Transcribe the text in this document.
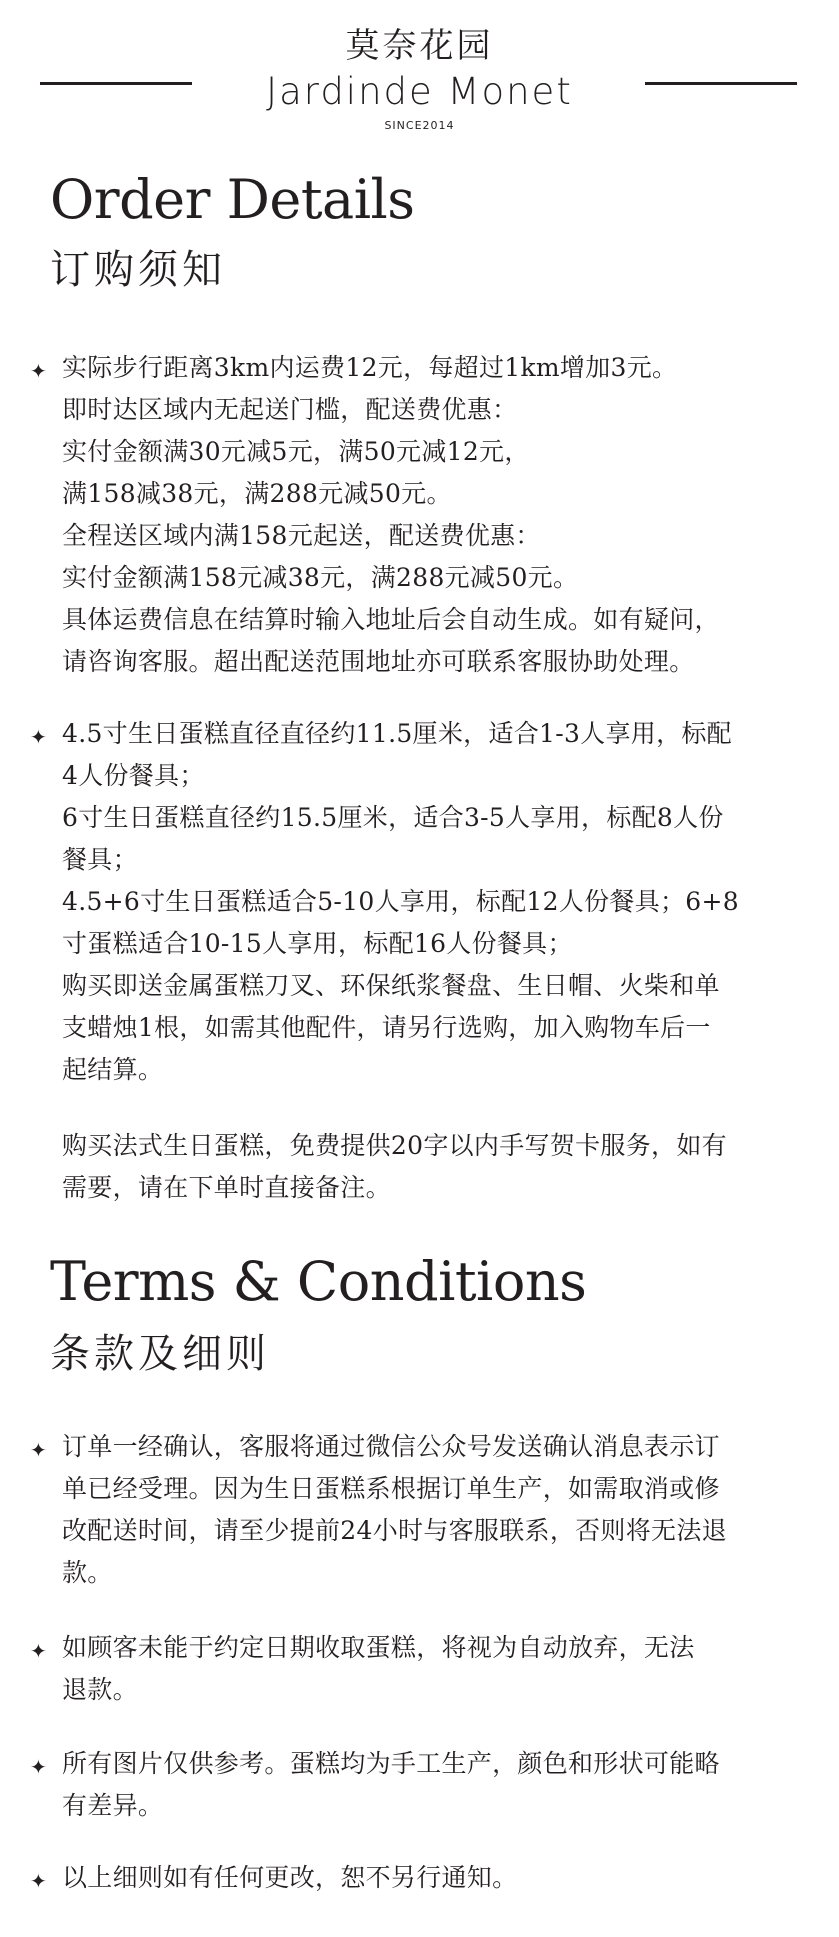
莫奈花园
Jardinde Monet
SINCE2014
Order Details
订购须知
✦ 实际步行距离3km内运费12元，每超过1km增加3元。
即时达区域内无起送门槛，配送费优惠：
实付金额满30元减5元，满50元减12元，
满158减38元，满288元减50元。
全程送区域内满158元起送，配送费优惠：
实付金额满158元减38元，满288元减50元。
具体运费信息在结算时输入地址后会自动生成。如有疑问，
请咨询客服。超出配送范围地址亦可联系客服协助处理。
✦ 4.5寸生日蛋糕直径直径约11.5厘米，适合1-3人享用，标配
4人份餐具；
6寸生日蛋糕直径约15.5厘米，适合3-5人享用，标配8人份
餐具；
4.5+6寸生日蛋糕适合5-10人享用，标配12人份餐具；6+8
寸蛋糕适合10-15人享用，标配16人份餐具；
购买即送金属蛋糕刀叉、环保纸浆餐盘、生日帽、火柴和单
支蜡烛1根，如需其他配件，请另行选购，加入购物车后一
起结算。
购买法式生日蛋糕，免费提供20字以内手写贺卡服务，如有
需要，请在下单时直接备注。
Terms & Conditions
条款及细则
✦ 订单一经确认，客服将通过微信公众号发送确认消息表示订
单已经受理。因为生日蛋糕系根据订单生产，如需取消或修
改配送时间，请至少提前24小时与客服联系，否则将无法退
款。
✦ 如顾客未能于约定日期收取蛋糕，将视为自动放弃，无法
退款。
✦ 所有图片仅供参考。蛋糕均为手工生产，颜色和形状可能略
有差异。
✦ 以上细则如有任何更改，恕不另行通知。
